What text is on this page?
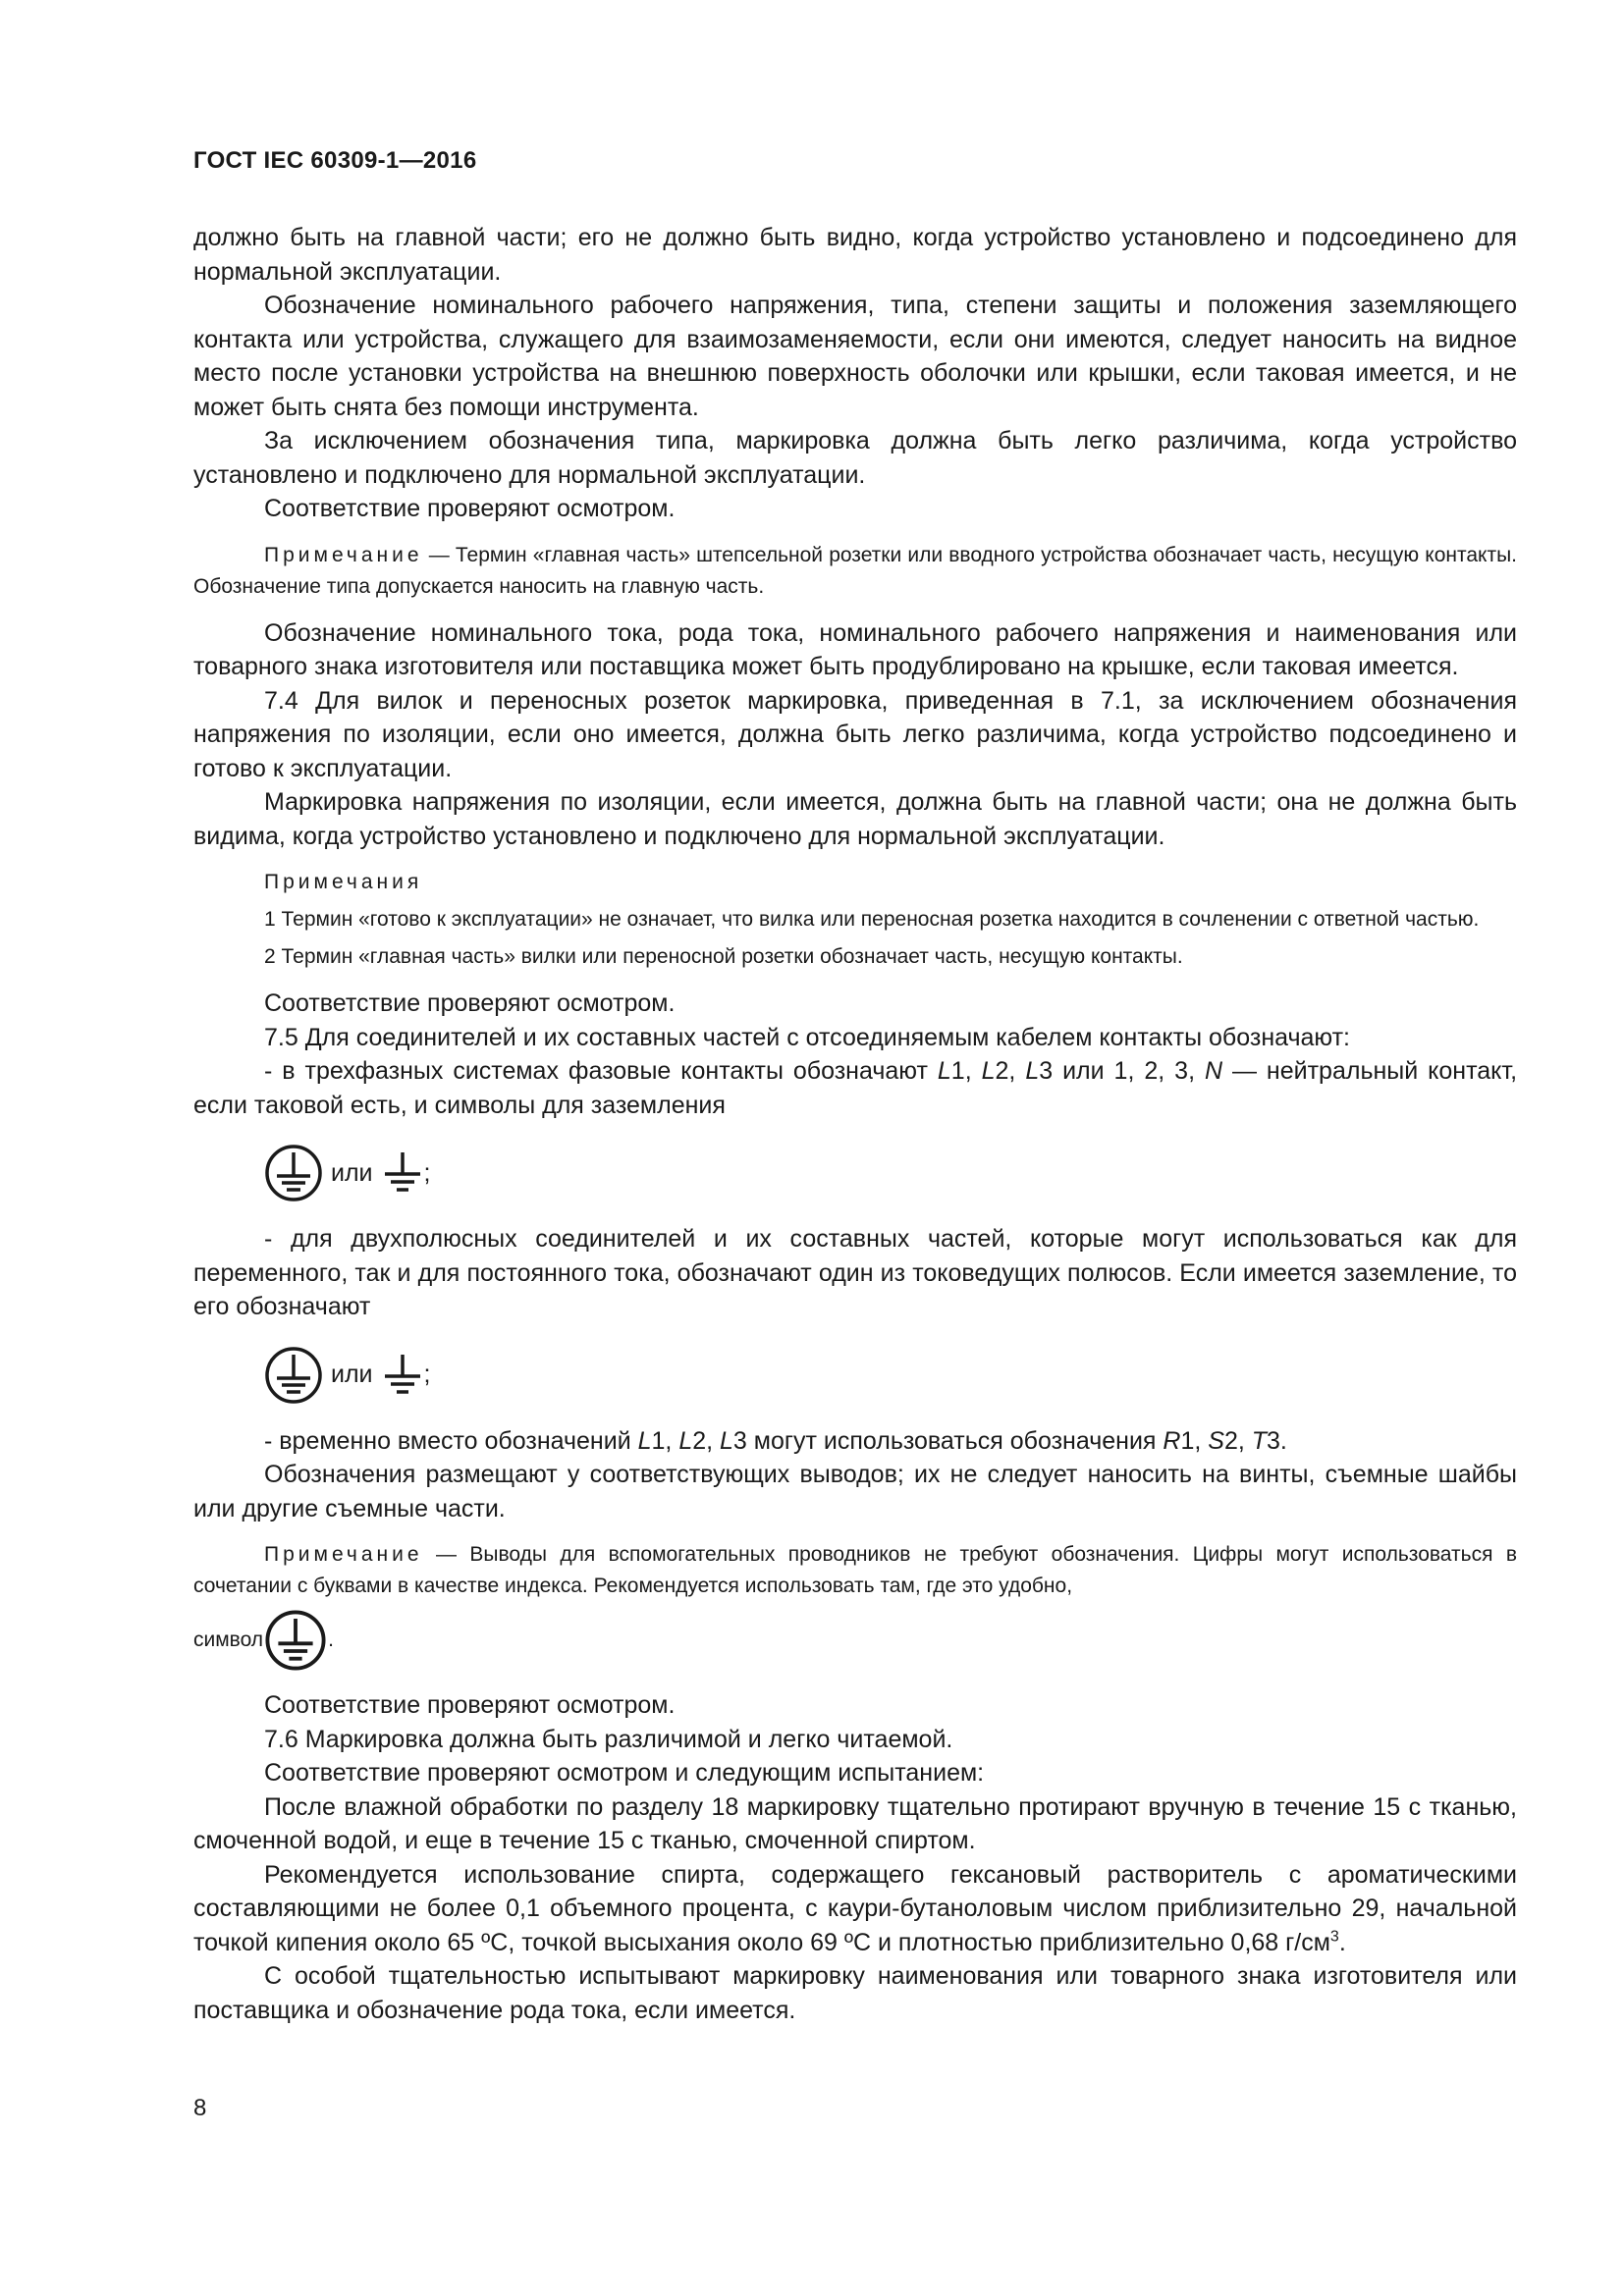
ГОСТ IEC 60309-1—2016

должно быть на главной части; его не должно быть видно, когда устройство установлено и подсоединено для нормальной эксплуатации.

Обозначение номинального рабочего напряжения, типа, степени защиты и положения заземляющего контакта или устройства, служащего для взаимозаменяемости, если они имеются, следует наносить на видное место после установки устройства на внешнюю поверхность оболочки или крышки, если таковая имеется, и не может быть снята без помощи инструмента.

За исключением обозначения типа, маркировка должна быть легко различима, когда устройство установлено и подключено для нормальной эксплуатации.

Соответствие проверяют осмотром.

Примечание — Термин «главная часть» штепсельной розетки или вводного устройства обозначает часть, несущую контакты. Обозначение типа допускается наносить на главную часть.

Обозначение номинального тока, рода тока, номинального рабочего напряжения и наименования или товарного знака изготовителя или поставщика может быть продублировано на крышке, если таковая имеется.

7.4 Для вилок и переносных розеток маркировка, приведенная в 7.1, за исключением обозначения напряжения по изоляции, если оно имеется, должна быть легко различима, когда устройство подсоединено и готово к эксплуатации.

Маркировка напряжения по изоляции, если имеется, должна быть на главной части; она не должна быть видима, когда устройство установлено и подключено для нормальной эксплуатации.

Примечания
1 Термин «готово к эксплуатации» не означает, что вилка или переносная розетка находится в сочленении с ответной частью.
2 Термин «главная часть» вилки или переносной розетки обозначает часть, несущую контакты.

Соответствие проверяют осмотром.

7.5 Для соединителей и их составных частей с отсоединяемым кабелем контакты обозначают:

- в трехфазных системах фазовые контакты обозначают L1, L2, L3 или 1, 2, 3, N — нейтральный контакт, если таковой есть, и символы для заземления

или ;

- для двухполюсных соединителей и их составных частей, которые могут использоваться как для переменного, так и для постоянного тока, обозначают один из токоведущих полюсов. Если имеется заземление, то его обозначают

или ;

- временно вместо обозначений L1, L2, L3 могут использоваться обозначения R1, S2, T3.

Обозначения размещают у соответствующих выводов; их не следует наносить на винты, съемные шайбы или другие съемные части.

Примечание — Выводы для вспомогательных проводников не требуют обозначения. Цифры могут использоваться в сочетании с буквами в качестве индекса. Рекомендуется использовать там, где это удобно,
символ	.

Соответствие проверяют осмотром.

7.6 Маркировка должна быть различимой и легко читаемой.

Соответствие проверяют осмотром и следующим испытанием:

После влажной обработки по разделу 18 маркировку тщательно протирают вручную в течение 15 с тканью, смоченной водой, и еще в течение 15 с тканью, смоченной спиртом.

Рекомендуется использование спирта, содержащего гексановый растворитель с ароматическими составляющими не более 0,1 объемного процента, с каури-бутаноловым числом приблизительно 29, начальной точкой кипения около 65 ºС, точкой высыхания около 69 ºС и плотностью приблизительно 0,68 $г/см^3$.

С особой тщательностью испытывают маркировку наименования или товарного знака изготовителя или поставщика и обозначение рода тока, если имеется.

8
